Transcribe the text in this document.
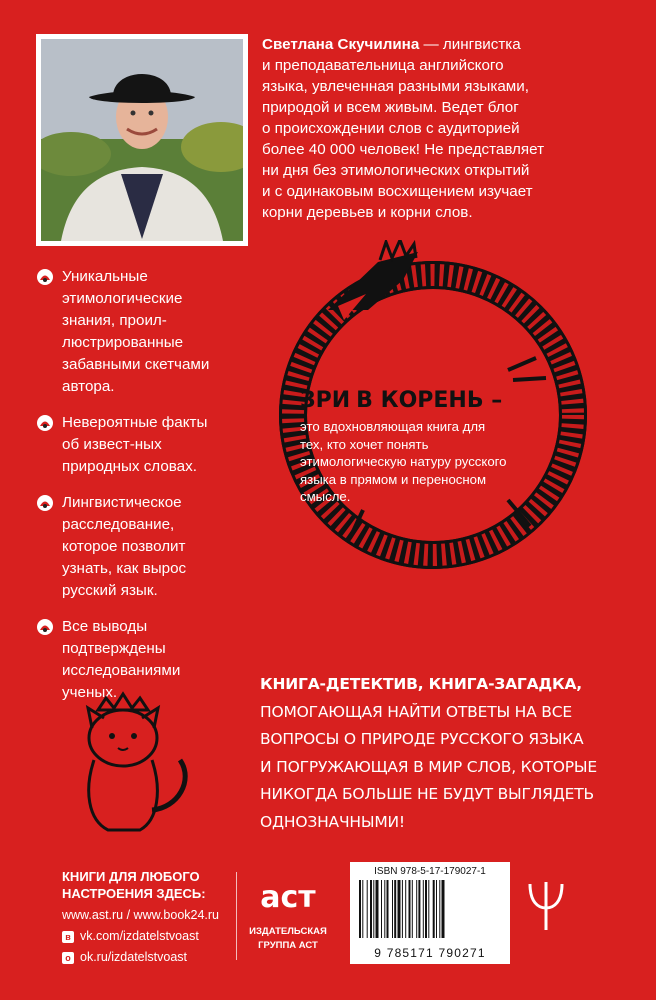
Светлана Скучилина — лингвистка
и преподавательница английского
языка, увлеченная разными языками,
природой и всем живым. Ведет блог
о происхождении слов с аудиторией
более 40 000 человек! Не представляет
ни дня без этимологических открытий
и с одинаковым восхищением изучает
корни деревьев и корни слов.
Уникальные этимологические знания, проил-люстрированные забавными скетчами автора.
Невероятные факты об извест-ных природных словах.
Лингвистическое расследование, которое позволит узнать, как вырос русский язык.
Все выводы подтверждены исследованиями ученых.
ЗРИ В КОРЕНЬ –
это вдохновляющая книга для тех, кто хочет понять этимологическую натуру русского языка в прямом и переносном смысле.
КНИГА-ДЕТЕКТИВ, КНИГА-ЗАГАДКА,
ПОМОГАЮЩАЯ НАЙТИ ОТВЕТЫ НА ВСЕ
ВОПРОСЫ О ПРИРОДЕ РУССКОГО ЯЗЫКА
И ПОГРУЖАЮЩАЯ В МИР СЛОВ, КОТОРЫЕ
НИКОГДА БОЛЬШЕ НЕ БУДУТ ВЫГЛЯДЕТЬ
ОДНОЗНАЧНЫМИ!
КНИГИ ДЛЯ ЛЮБОГО
НАСТРОЕНИЯ ЗДЕСЬ:
www.ast.ru / www.book24.ru
в vk.com/izdatelstvoast
о ok.ru/izdatelstvoast
аст
ИЗДАТЕЛЬСКАЯ
ГРУППА АСТ
ISBN 978-5-17-179027-1
9 785171 790271
